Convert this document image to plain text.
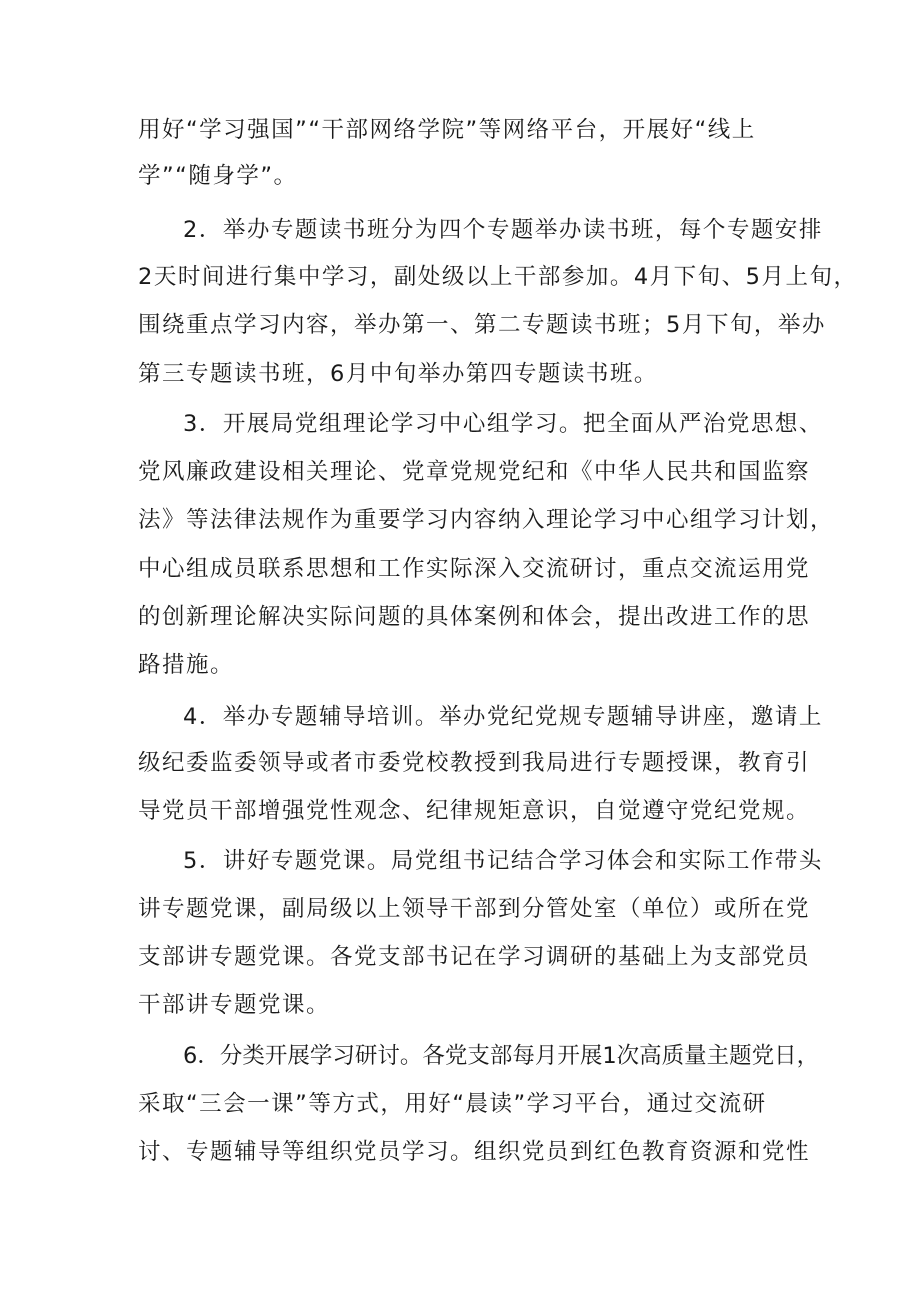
用好“学习强国”“干部网络学院”等网络平台，开展好“线上
学”“随身学”。
2．举办专题读书班分为四个专题举办读书班，每个专题安排
2天时间进行集中学习，副处级以上干部参加。4月下旬、5月上旬，
围绕重点学习内容，举办第一、第二专题读书班；5月下旬，举办
第三专题读书班，6月中旬举办第四专题读书班。
3．开展局党组理论学习中心组学习。把全面从严治党思想、
党风廉政建设相关理论、党章党规党纪和《中华人民共和国监察
法》等法律法规作为重要学习内容纳入理论学习中心组学习计划，
中心组成员联系思想和工作实际深入交流研讨，重点交流运用党
的创新理论解决实际问题的具体案例和体会，提出改进工作的思
路措施。
4．举办专题辅导培训。举办党纪党规专题辅导讲座，邀请上
级纪委监委领导或者市委党校教授到我局进行专题授课，教育引
导党员干部增强党性观念、纪律规矩意识，自觉遵守党纪党规。
5．讲好专题党课。局党组书记结合学习体会和实际工作带头
讲专题党课，副局级以上领导干部到分管处室（单位）或所在党
支部讲专题党课。各党支部书记在学习调研的基础上为支部党员
干部讲专题党课。
6．分类开展学习研讨。各党支部每月开展1次高质量主题党日，
采取“三会一课”等方式，用好“晨读”学习平台，通过交流研
讨、专题辅导等组织党员学习。组织党员到红色教育资源和党性
